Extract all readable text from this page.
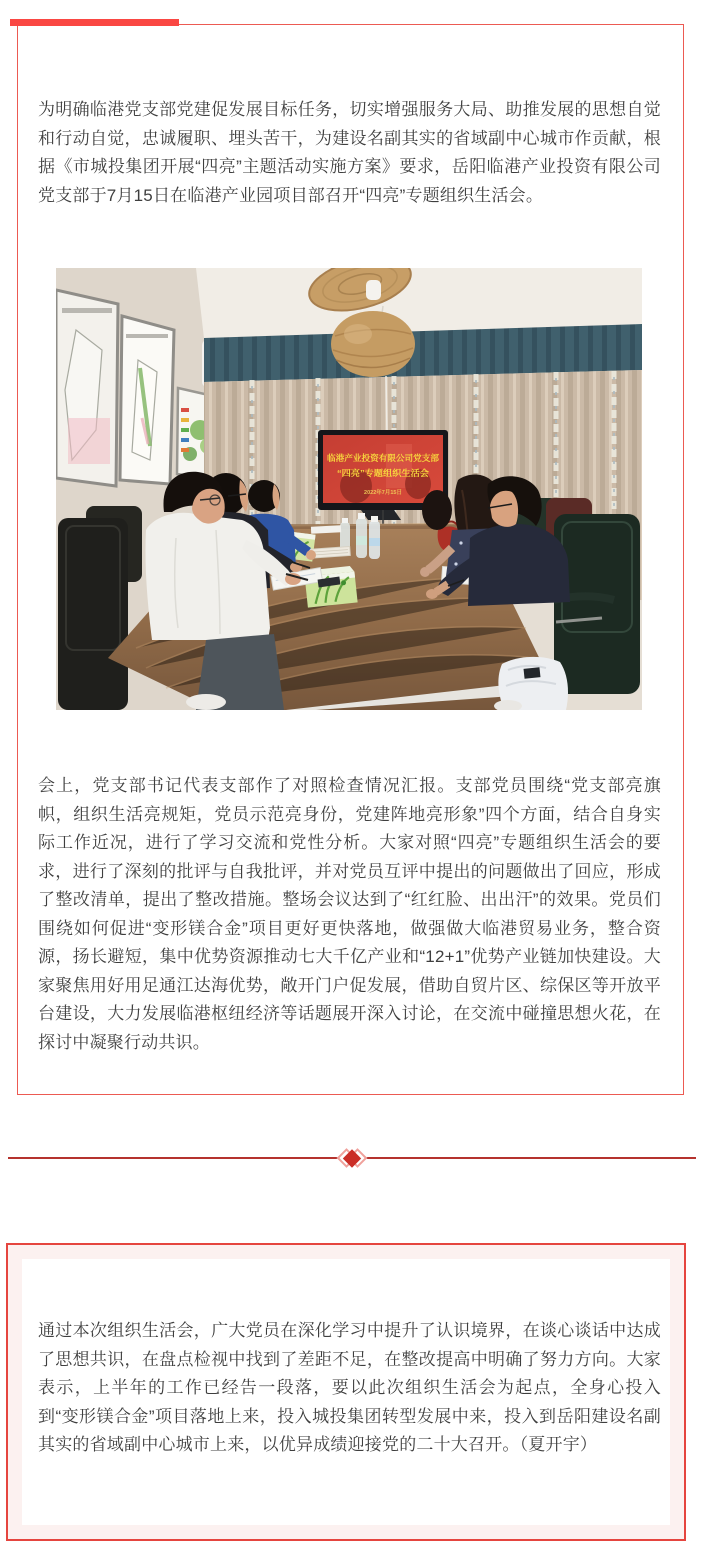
为明确临港党支部党建促发展目标任务，切实增强服务大局、助推发展的思想自觉和行动自觉，忠诚履职、埋头苦干，为建设名副其实的省域副中心城市作贡献，根据《市城投集团开展“四亮”主题活动实施方案》要求，岳阳临港产业投资有限公司党支部于7月15日在临港产业园项目部召开“四亮”专题组织生活会。

临港产业投资有限公司党支部
“四亮”专题组织生活会
2022年7月15日

会上，党支部书记代表支部作了对照检查情况汇报。支部党员围绕“党支部亮旗帜，组织生活亮规矩，党员示范亮身份，党建阵地亮形象”四个方面，结合自身实际工作近况，进行了学习交流和党性分析。大家对照“四亮”专题组织生活会的要求，进行了深刻的批评与自我批评，并对党员互评中提出的问题做出了回应，形成了整改清单，提出了整改措施。整场会议达到了“红红脸、出出汗”的效果。党员们围绕如何促进“变形镁合金”项目更好更快落地，做强做大临港贸易业务，整合资源，扬长避短，集中优势资源推动七大千亿产业和“12+1”优势产业链加快建设。大家聚焦用好用足通江达海优势，敞开门户促发展，借助自贸片区、综保区等开放平台建设，大力发展临港枢纽经济等话题展开深入讨论，在交流中碰撞思想火花，在探讨中凝聚行动共识。

通过本次组织生活会，广大党员在深化学习中提升了认识境界，在谈心谈话中达成了思想共识，在盘点检视中找到了差距不足，在整改提高中明确了努力方向。大家表示，上半年的工作已经告一段落，要以此次组织生活会为起点，全身心投入到“变形镁合金”项目落地上来，投入城投集团转型发展中来，投入到岳阳建设名副其实的省域副中心城市上来，以优异成绩迎接党的二十大召开。（夏开宇）
